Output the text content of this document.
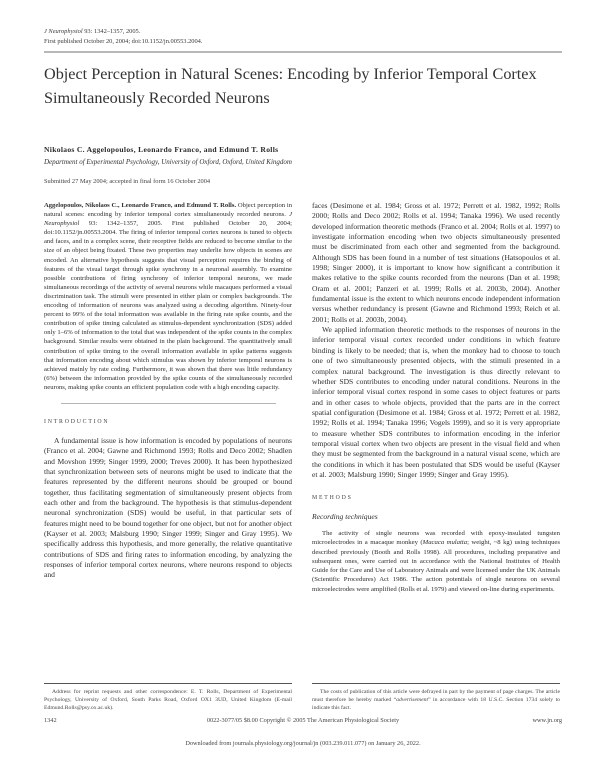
J Neurophysiol 93: 1342–1357, 2005.
First published October 20, 2004; doi:10.1152/jn.00553.2004.
Object Perception in Natural Scenes: Encoding by Inferior Temporal Cortex Simultaneously Recorded Neurons
Nikolaos C. Aggelopoulos, Leonardo Franco, and Edmund T. Rolls
Department of Experimental Psychology, University of Oxford, Oxford, United Kingdom
Submitted 27 May 2004; accepted in final form 16 October 2004
Aggelopoulos, Nikolaos C., Leonardo Franco, and Edmund T. Rolls. Object perception in natural scenes: encoding by inferior temporal cortex simultaneously recorded neurons. J Neurophysiol 93: 1342–1357, 2005. First published October 20, 2004; doi:10.1152/jn.00553.2004. The firing of inferior temporal cortex neurons is tuned to objects and faces, and in a complex scene, their receptive fields are reduced to become similar to the size of an object being fixated. These two properties may underlie how objects in scenes are encoded. An alternative hypothesis suggests that visual perception requires the binding of features of the visual target through spike synchrony in a neuronal assembly. To examine possible contributions of firing synchrony of inferior temporal neurons, we made simultaneous recordings of the activity of several neurons while macaques performed a visual discrimination task. The stimuli were presented in either plain or complex backgrounds. The encoding of information of neurons was analyzed using a decoding algorithm. Ninety-four percent to 99% of the total information was available in the firing rate spike counts, and the contribution of spike timing calculated as stimulus-dependent synchronization (SDS) added only 1–6% of information to the total that was independent of the spike counts in the complex background. Similar results were obtained in the plain background. The quantitatively small contribution of spike timing to the overall information available in spike patterns suggests that information encoding about which stimulus was shown by inferior temporal neurons is achieved mainly by rate coding. Furthermore, it was shown that there was little redundancy (6%) between the information provided by the spike counts of the simultaneously recorded neurons, making spike counts an efficient population code with a high encoding capacity.
INTRODUCTION

A fundamental issue is how information is encoded by populations of neurons (Franco et al. 2004; Gawne and Richmond 1993; Rolls and Deco 2002; Shadlen and Movshon 1999; Singer 1999, 2000; Treves 2000). It has been hypothesized that synchronization between sets of neurons might be used to indicate that the features represented by the different neurons should be grouped or bound together, thus facilitating segmentation of simultaneously present objects from each other and from the background. The hypothesis is that stimulus-dependent neuronal synchronization (SDS) would be useful, in that particular sets of features might need to be bound together for one object, but not for another object (Kayser et al. 2003; Malsburg 1990; Singer 1999; Singer and Gray 1995). We specifically address this hypothesis, and more generally, the relative quantitative contributions of SDS and firing rates to information encoding, by analyzing the responses of inferior temporal cortex neurons, where neurons respond to objects and

faces (Desimone et al. 1984; Gross et al. 1972; Perrett et al. 1982, 1992; Rolls 2000; Rolls and Deco 2002; Rolls et al. 1994; Tanaka 1996). We used recently developed information theoretic methods (Franco et al. 2004; Rolls et al. 1997) to investigate information encoding when two objects simultaneously presented must be discriminated from each other and segmented from the background. Although SDS has been found in a number of test situations (Hatsopoulos et al. 1998; Singer 2000), it is important to know how significant a contribution it makes relative to the spike counts recorded from the neurons (Dan et al. 1998; Oram et al. 2001; Panzeri et al. 1999; Rolls et al. 2003b, 2004). Another fundamental issue is the extent to which neurons encode independent information versus whether redundancy is present (Gawne and Richmond 1993; Reich et al. 2001; Rolls et al. 2003b, 2004).

We applied information theoretic methods to the responses of neurons in the inferior temporal visual cortex recorded under conditions in which feature binding is likely to be needed; that is, when the monkey had to choose to touch one of two simultaneously presented objects, with the stimuli presented in a complex natural background. The investigation is thus directly relevant to whether SDS contributes to encoding under natural conditions. Neurons in the inferior temporal visual cortex respond in some cases to object features or parts and in other cases to whole objects, provided that the parts are in the correct spatial configuration (Desimone et al. 1984; Gross et al. 1972; Perrett et al. 1982, 1992; Rolls et al. 1994; Tanaka 1996; Vogels 1999), and so it is very appropriate to measure whether SDS contributes to information encoding in the inferior temporal visual cortex when two objects are present in the visual field and when they must be segmented from the background in a natural visual scene, which are the conditions in which it has been postulated that SDS would be useful (Kayser et al. 2003; Malsburg 1990; Singer 1999; Singer and Gray 1995).

METHODS
Recording techniques

The activity of single neurons was recorded with epoxy-insulated tungsten microelectrodes in a macaque monkey (Macaca mulatta; weight, ~8 kg) using techniques described previously (Booth and Rolls 1998). All procedures, including preparative and subsequent ones, were carried out in accordance with the National Institutes of Health Guide for the Care and Use of Laboratory Animals and were licensed under the UK Animals (Scientific Procedures) Act 1986. The action potentials of single neurons on several microelectrodes were amplified (Rolls et al. 1979) and viewed on-line during experiments.

Address for reprint requests and other correspondence: E. T. Rolls, Department of Experimental Psychology, University of Oxford, South Parks Road, Oxford OX1 3UD, United Kingdom (E-mail Edmund.Rolls@psy.ox.ac.uk).

The costs of publication of this article were defrayed in part by the payment of page charges. The article must therefore be hereby marked “advertisement” in accordance with 18 U.S.C. Section 1734 solely to indicate this fact.

1342	0022-3077/05 $8.00 Copyright © 2005 The American Physiological Society	www.jn.org
Downloaded from journals.physiology.org/journal/jn (003.239.011.077) on January 26, 2022.
